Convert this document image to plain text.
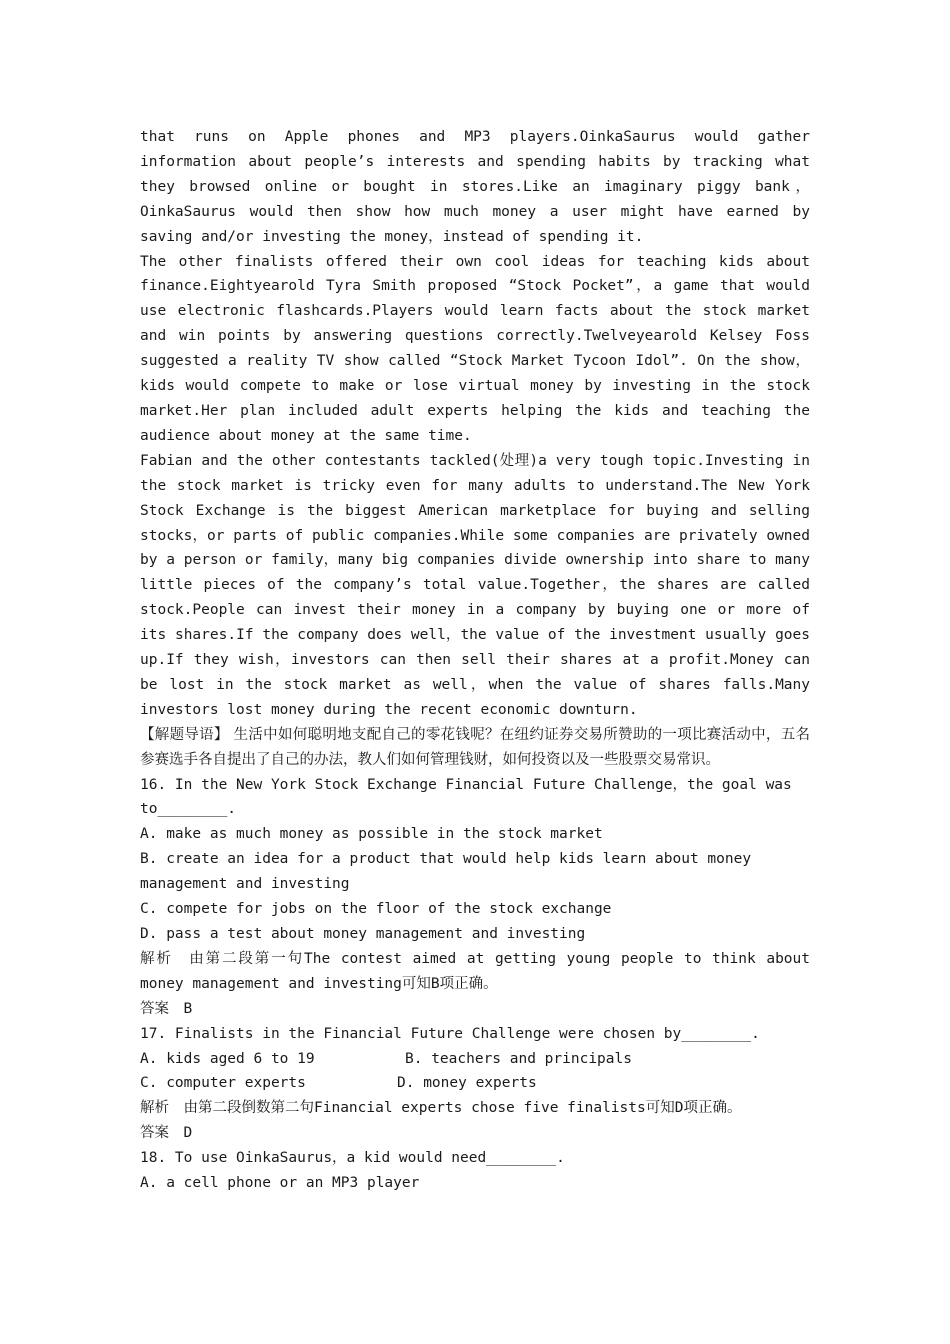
that runs on Apple phones and MP3 players.OinkaSaurus would gather information about people’s interests and spending habits by tracking what they browsed online or bought in stores.Like an imaginary piggy bank，OinkaSaurus would then show how much money a user might have earned by saving and/or investing the money，instead of spending it.

The other finalists offered their own cool ideas for teaching kids about finance.Eightyearold Tyra Smith proposed “Stock Pocket”，a game that would use electronic flashcards.Players would learn facts about the stock market and win points by answering questions correctly.Twelveyearold Kelsey Foss suggested a reality TV show called “Stock Market Tycoon Idol”. On the show，kids would compete to make or lose virtual money by investing in the stock market.Her plan included adult experts helping the kids and teaching the audience about money at the same time.

Fabian and the other contestants tackled(处理)a very tough topic.Investing in the stock market is tricky even for many adults to understand.The New York Stock Exchange is the biggest American marketplace for buying and selling stocks，or parts of public companies.While some companies are privately owned by a person or family，many big companies divide ownership into share to many little pieces of the company’s total value.Together，the shares are called stock.People can invest their money in a company by buying one or more of its shares.If the company does well，the value of the investment usually goes up.If they wish，investors can then sell their shares at a profit.Money can be lost in the stock market as well，when the value of shares falls.Many investors lost money during the recent economic downturn.

【解题导语】 生活中如何聪明地支配自己的零花钱呢？在纽约证券交易所赞助的一项比赛活动中，五名参赛选手各自提出了自己的办法，教人们如何管理钱财，如何投资以及一些股票交易常识。

16. In the New York Stock Exchange Financial Future Challenge，the goal was

to________.

A. make as much money as possible in the stock market

B. create an idea for a product that would help kids learn about money

management and investing

C. compete for jobs on the floor of the stock exchange

D. pass a test about money management and investing

解析　由第二段第一句The contest aimed at getting young people to think about money management and investing可知B项正确。

答案　B

17. Finalists in the Financial Future Challenge were chosen by________.

A. kids aged 6 to 19	B. teachers and principals
C. computer experts	D. money experts

解析　由第二段倒数第二句Financial experts chose five finalists可知D项正确。

答案　D

18. To use OinkaSaurus，a kid would need________.

A. a cell phone or an MP3 player
